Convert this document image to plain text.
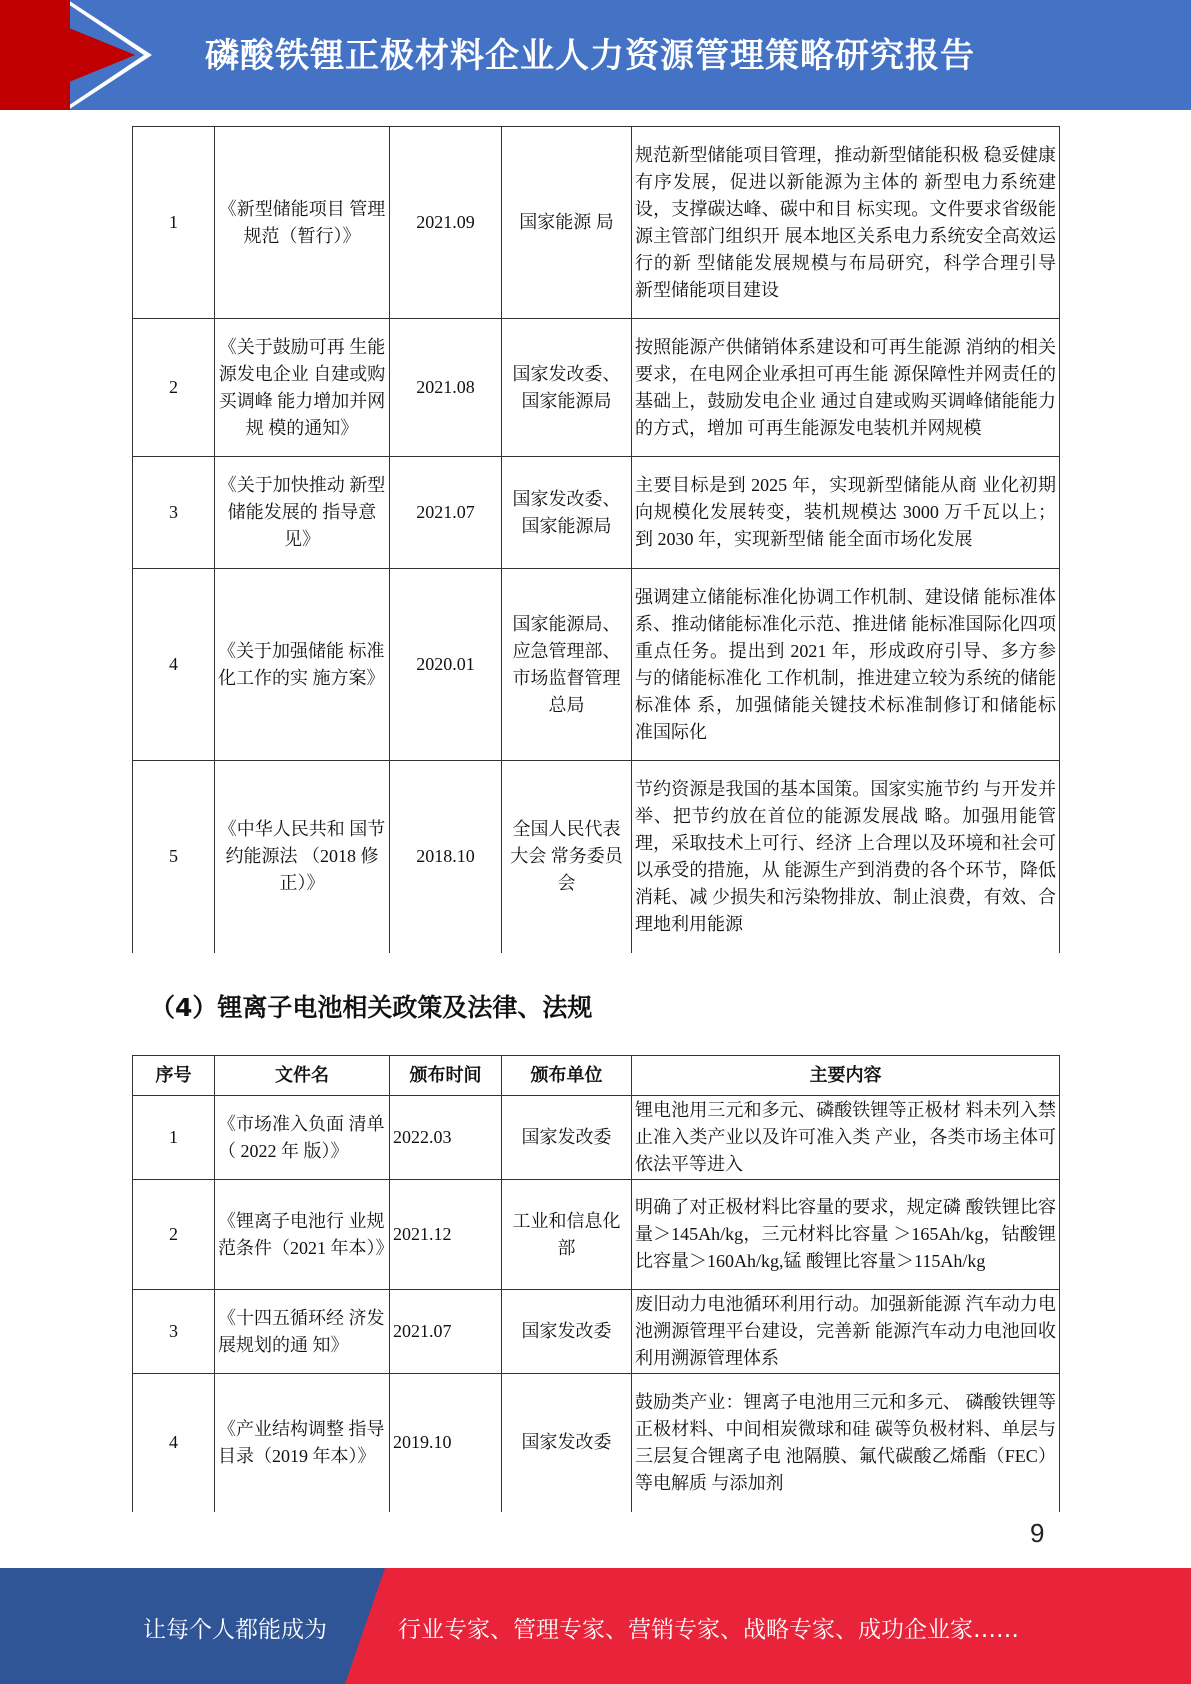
磷酸铁锂正极材料企业人力资源管理策略研究报告
1	《新型储能项目 管理规范（暂行）》	2021.09	国家能源 局	规范新型储能项目管理，推动新型储能积极 稳妥健康有序发展，促进以新能源为主体的 新型电力系统建设，支撑碳达峰、碳中和目 标实现。文件要求省级能源主管部门组织开 展本地区关系电力系统安全高效运行的新 型储能发展规模与布局研究，科学合理引导 新型储能项目建设
2	《关于鼓励可再 生能源发电企业 自建或购买调峰 能力增加并网规 模的通知》	2021.08	国家发改委、国家能源局	按照能源产供储销体系建设和可再生能源 消纳的相关要求，在电网企业承担可再生能 源保障性并网责任的基础上，鼓励发电企业 通过自建或购买调峰储能能力的方式，增加 可再生能源发电装机并网规模
3	《关于加快推动 新型储能发展的 指导意见》	2021.07	国家发改委、国家能源局	主要目标是到 2025 年，实现新型储能从商 业化初期向规模化发展转变，装机规模达 3000 万千瓦以上；到 2030 年，实现新型储 能全面市场化发展
4	《关于加强储能 标准化工作的实 施方案》	2020.01	国家能源局、应急管理部、市场监督管理 总局	强调建立储能标准化协调工作机制、建设储 能标准体系、推动储能标准化示范、推进储 能标准国际化四项重点任务。提出到 2021 年，形成政府引导、多方参与的储能标准化 工作机制，推进建立较为系统的储能标准体 系，加强储能关键技术标准制修订和储能标 准国际化
5	《中华人民共和 国节约能源法 （2018 修正）》	2018.10	全国人民代表大会 常务委员会	节约资源是我国的基本国策。国家实施节约 与开发并举、把节约放在首位的能源发展战 略。加强用能管理，采取技术上可行、经济 上合理以及环境和社会可以承受的措施，从 能源生产到消费的各个环节，降低消耗、减 少损失和污染物排放、制止浪费，有效、合 理地利用能源
（4）锂离子电池相关政策及法律、法规
序号	文件名	颁布时间	颁布单位	主要内容
1	《市场准入负面 清单（ 2022 年 版）》	2022.03	国家发改委	锂电池用三元和多元、磷酸铁锂等正极材 料未列入禁止准入类产业以及许可准入类 产业，各类市场主体可依法平等进入
2	《锂离子电池行 业规范条件（2021 年本）》	2021.12	工业和信息化部	明确了对正极材料比容量的要求，规定磷 酸铁锂比容量＞145Ah/kg，三元材料比容量 ＞165Ah/kg，钴酸锂比容量＞160Ah/kg,锰 酸锂比容量＞115Ah/kg
3	《十四五循环经 济发展规划的通 知》	2021.07	国家发改委	废旧动力电池循环利用行动。加强新能源 汽车动力电池溯源管理平台建设，完善新 能源汽车动力电池回收利用溯源管理体系
4	《产业结构调整 指导目录（2019 年本）》	2019.10	国家发改委	鼓励类产业：锂离子电池用三元和多元、 磷酸铁锂等正极材料、中间相炭微球和硅 碳等负极材料、单层与三层复合锂离子电 池隔膜、氟代碳酸乙烯酯（FEC）等电解质 与添加剂
9
让每个人都能成为	行业专家、管理专家、营销专家、战略专家、成功企业家……
